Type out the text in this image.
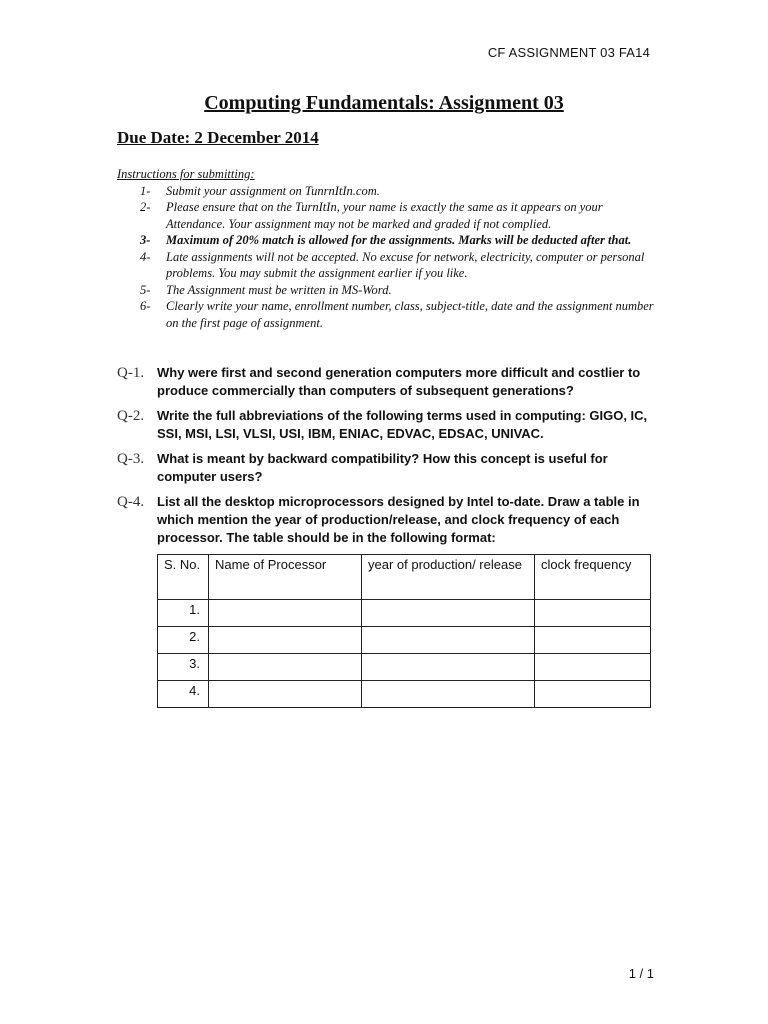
CF ASSIGNMENT 03 FA14
Computing Fundamentals: Assignment 03
Due Date: 2 December 2014
Instructions for submitting:
1-	Submit your assignment on TunrnItIn.com.
2-	Please ensure that on the TurnItIn, your name is exactly the same as it appears on your Attendance. Your assignment may not be marked and graded if not complied.
3-	Maximum of 20% match is allowed for the assignments. Marks will be deducted after that.
4-	Late assignments will not be accepted. No excuse for network, electricity, computer or personal problems. You may submit the assignment earlier if you like.
5-	The Assignment must be written in MS-Word.
6-	Clearly write your name, enrollment number, class, subject-title, date and the assignment number on the first page of assignment.
Q-1. Why were first and second generation computers more difficult and costlier to produce commercially than computers of subsequent generations?
Q-2. Write the full abbreviations of the following terms used in computing: GIGO, IC, SSI, MSI, LSI, VLSI, USI, IBM, ENIAC, EDVAC, EDSAC, UNIVAC.
Q-3. What is meant by backward compatibility? How this concept is useful for computer users?
Q-4. List all the desktop microprocessors designed by Intel to-date. Draw a table in which mention the year of production/release, and clock frequency of each processor. The table should be in the following format:
S. No.	Name of Processor	year of production/ release	clock frequency
1.			
2.			
3.			
4.			
1 / 1
